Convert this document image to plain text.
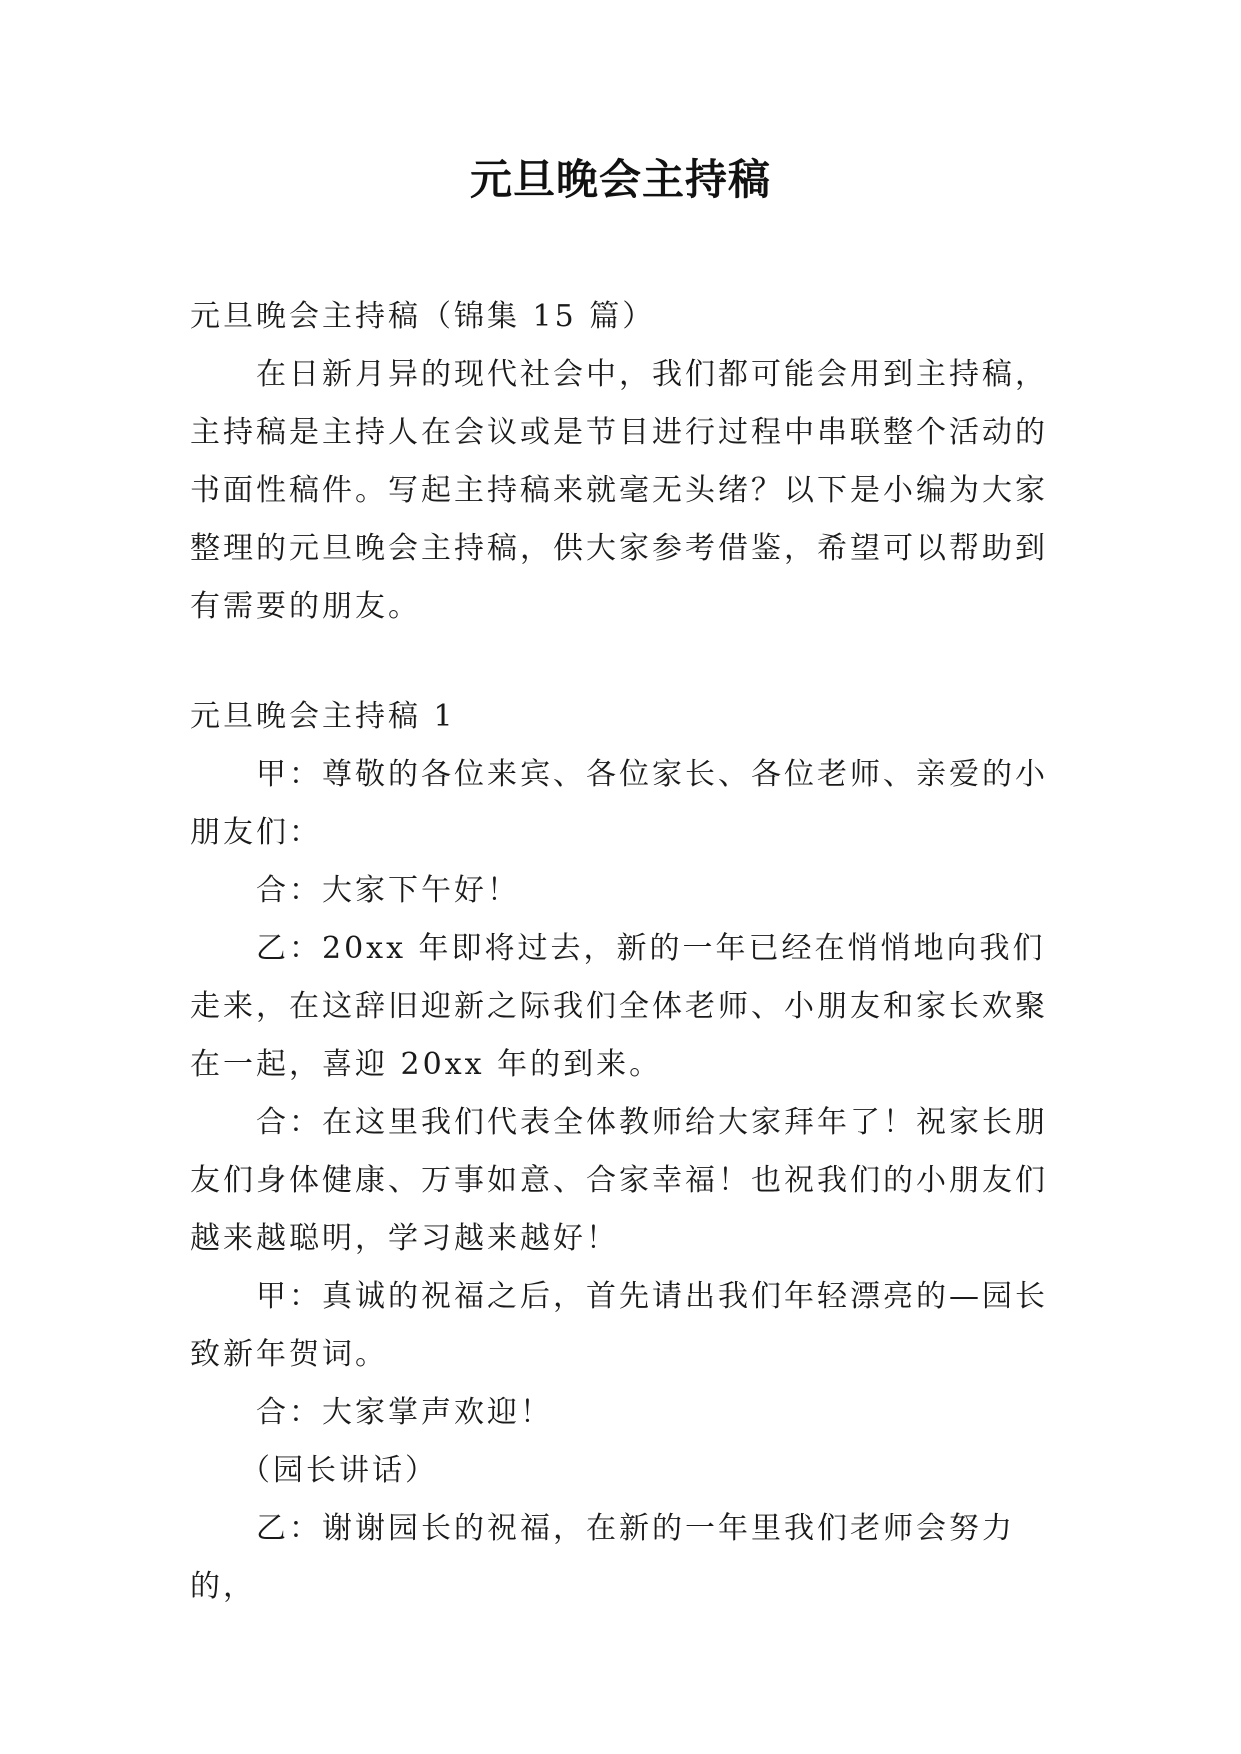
元旦晚会主持稿

元旦晚会主持稿（锦集 15 篇）

在日新月异的现代社会中，我们都可能会用到主持稿，主持稿是主持人在会议或是节目进行过程中串联整个活动的书面性稿件。写起主持稿来就毫无头绪？以下是小编为大家整理的元旦晚会主持稿，供大家参考借鉴，希望可以帮助到有需要的朋友。

元旦晚会主持稿 1

甲：尊敬的各位来宾、各位家长、各位老师、亲爱的小朋友们：

合：大家下午好！

乙：20xx 年即将过去，新的一年已经在悄悄地向我们走来，在这辞旧迎新之际我们全体老师、小朋友和家长欢聚在一起，喜迎 20xx 年的到来。

合：在这里我们代表全体教师给大家拜年了！祝家长朋友们身体健康、万事如意、合家幸福！也祝我们的小朋友们越来越聪明，学习越来越好！

甲：真诚的祝福之后，首先请出我们年轻漂亮的—园长致新年贺词。

合：大家掌声欢迎！

（园长讲话）

乙：谢谢园长的祝福，在新的一年里我们老师会努力的，
